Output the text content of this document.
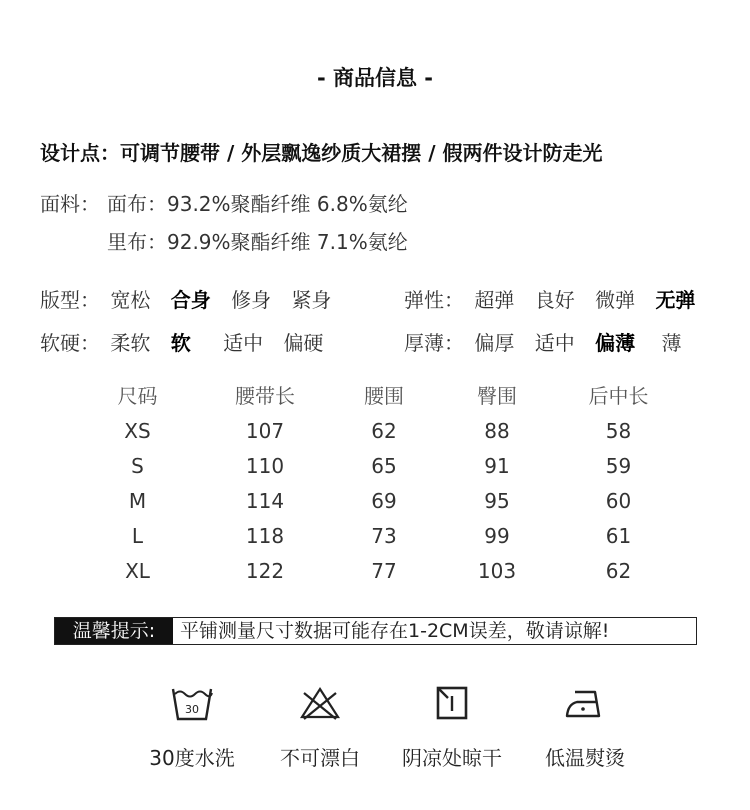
- 商品信息 -
设计点：可调节腰带 / 外层飘逸纱质大裙摆 / 假两件设计防走光
面料： 面布：93.2%聚酯纤维 6.8%氨纶
里布：92.9%聚酯纤维 7.1%氨纶
版型： 宽松 合身 修身 紧身	弹性： 超弹 良好 微弹 无弹
软硬： 柔软 软 适中 偏硬	厚薄： 偏厚 适中 偏薄 薄
尺码	腰带长	腰围	臀围	后中长
XS	107	62	88	58
S	110	65	91	59
M	114	69	95	60
L	118	73	99	61
XL	122	77	103	62
温馨提示:	平铺测量尺寸数据可能存在1-2CM误差，敬请谅解!
30
30度水洗	不可漂白	阴凉处晾干	低温熨烫
